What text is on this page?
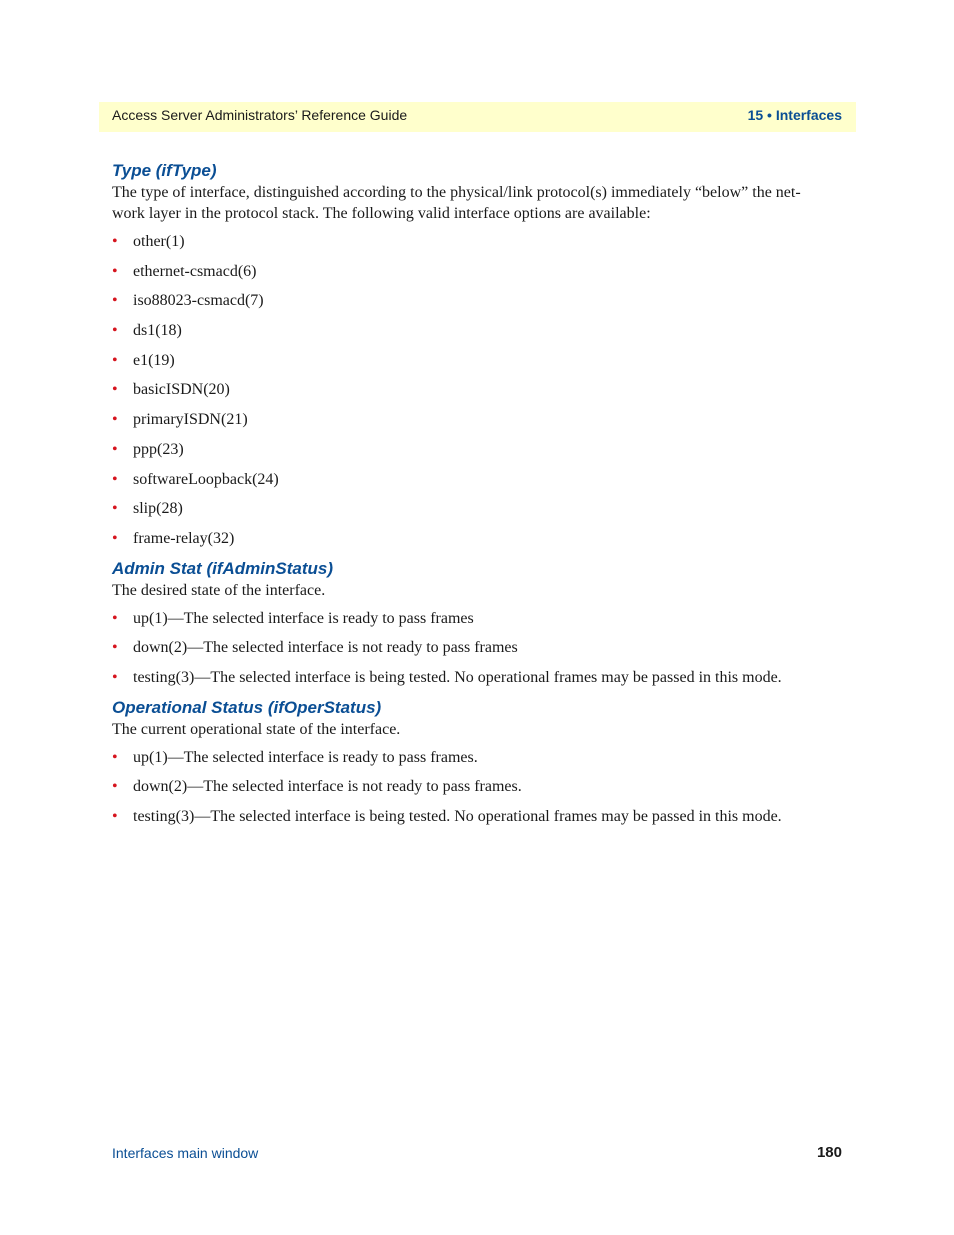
Access Server Administrators’ Reference Guide	15 • Interfaces
Type (ifType)

The type of interface, distinguished according to the physical/link protocol(s) immediately “below” the net- work layer in the protocol stack. The following valid interface options are available:

• other(1)
• ethernet-csmacd(6)
• iso88023-csmacd(7)
• ds1(18)
• e1(19)
• basicISDN(20)
• primaryISDN(21)
• ppp(23)
• softwareLoopback(24)
• slip(28)
• frame-relay(32)
Admin Stat (ifAdminStatus)

The desired state of the interface.

• up(1)—The selected interface is ready to pass frames
• down(2)—The selected interface is not ready to pass frames
• testing(3)—The selected interface is being tested. No operational frames may be passed in this mode.
Operational Status (ifOperStatus)

The current operational state of the interface.

• up(1)—The selected interface is ready to pass frames.
• down(2)—The selected interface is not ready to pass frames.
• testing(3)—The selected interface is being tested. No operational frames may be passed in this mode.
Interfaces main window	180
